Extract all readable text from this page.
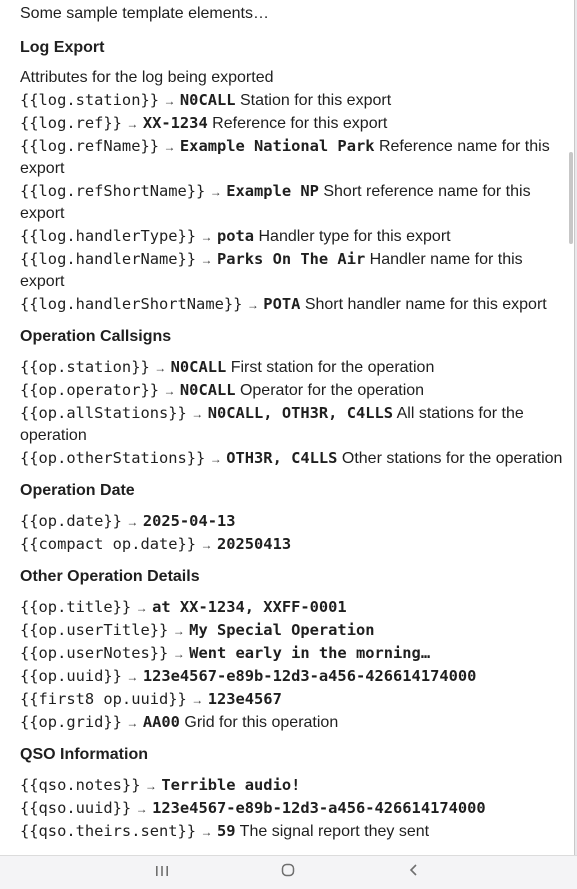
Some sample template elements…
Log Export
Attributes for the log being exported
{{log.station}} → N0CALL Station for this export
{{log.ref}} → XX-1234 Reference for this export
{{log.refName}} → Example National Park Reference name for this export
{{log.refShortName}} → Example NP Short reference name for this export
{{log.handlerType}} → pota Handler type for this export
{{log.handlerName}} → Parks On The Air Handler name for this export
{{log.handlerShortName}} → POTA Short handler name for this export
Operation Callsigns
{{op.station}} → N0CALL First station for the operation
{{op.operator}} → N0CALL Operator for the operation
{{op.allStations}} → N0CALL, OTH3R, C4LLS All stations for the operation
{{op.otherStations}} → OTH3R, C4LLS Other stations for the operation
Operation Date
{{op.date}} → 2025-04-13
{{compact op.date}} → 20250413
Other Operation Details
{{op.title}} → at XX-1234, XXFF-0001
{{op.userTitle}} → My Special Operation
{{op.userNotes}} → Went early in the morning…
{{op.uuid}} → 123e4567-e89b-12d3-a456-426614174000
{{first8 op.uuid}} → 123e4567
{{op.grid}} → AA00 Grid for this operation
QSO Information
{{qso.notes}} → Terrible audio!
{{qso.uuid}} → 123e4567-e89b-12d3-a456-426614174000
{{qso.theirs.sent}} → 59 The signal report they sent
